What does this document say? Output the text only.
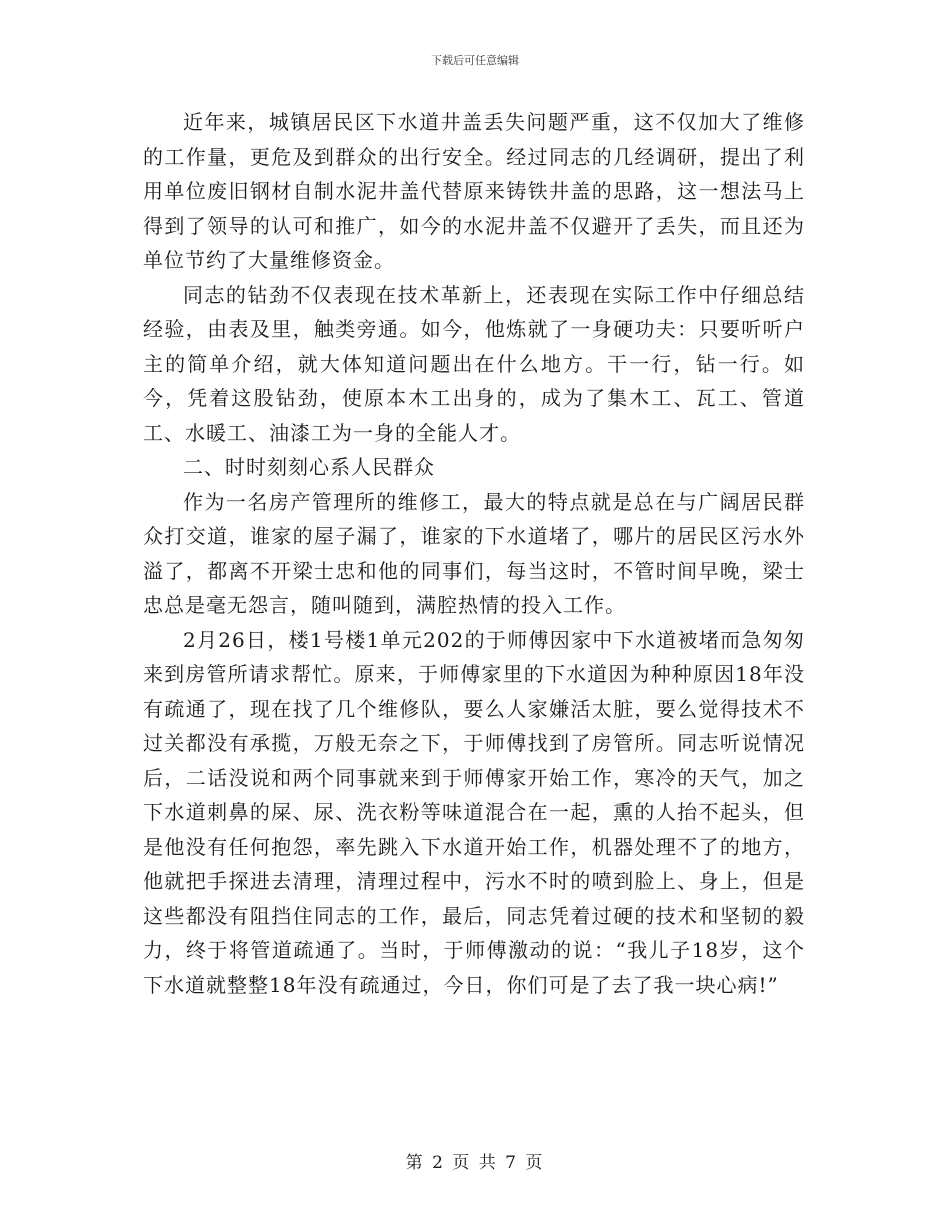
下载后可任意编辑

近年来，城镇居民区下水道井盖丢失问题严重，这不仅加大了维修的工作量，更危及到群众的出行安全。经过同志的几经调研，提出了利用单位废旧钢材自制水泥井盖代替原来铸铁井盖的思路，这一想法马上得到了领导的认可和推广，如今的水泥井盖不仅避开了丢失，而且还为单位节约了大量维修资金。

同志的钻劲不仅表现在技术革新上，还表现在实际工作中仔细总结经验，由表及里，触类旁通。如今，他炼就了一身硬功夫：只要听听户主的简单介绍，就大体知道问题出在什么地方。干一行，钻一行。如今，凭着这股钻劲，使原本木工出身的，成为了集木工、瓦工、管道工、水暖工、油漆工为一身的全能人才。

二、时时刻刻心系人民群众

作为一名房产管理所的维修工，最大的特点就是总在与广阔居民群众打交道，谁家的屋子漏了，谁家的下水道堵了，哪片的居民区污水外溢了，都离不开梁士忠和他的同事们，每当这时，不管时间早晚，梁士忠总是毫无怨言，随叫随到，满腔热情的投入工作。

2月26日，楼1号楼1单元202的于师傅因家中下水道被堵而急匆匆来到房管所请求帮忙。原来，于师傅家里的下水道因为种种原因18年没有疏通了，现在找了几个维修队，要么人家嫌活太脏，要么觉得技术不过关都没有承揽，万般无奈之下，于师傅找到了房管所。同志听说情况后，二话没说和两个同事就来到于师傅家开始工作，寒冷的天气，加之下水道刺鼻的屎、尿、洗衣粉等味道混合在一起，熏的人抬不起头，但是他没有任何抱怨，率先跳入下水道开始工作，机器处理不了的地方，他就把手探进去清理，清理过程中，污水不时的喷到脸上、身上，但是这些都没有阻挡住同志的工作，最后，同志凭着过硬的技术和坚韧的毅力，终于将管道疏通了。当时，于师傅激动的说：“我儿子18岁，这个下水道就整整18年没有疏通过，今日，你们可是了去了我一块心病!”

第 2 页 共 7 页
